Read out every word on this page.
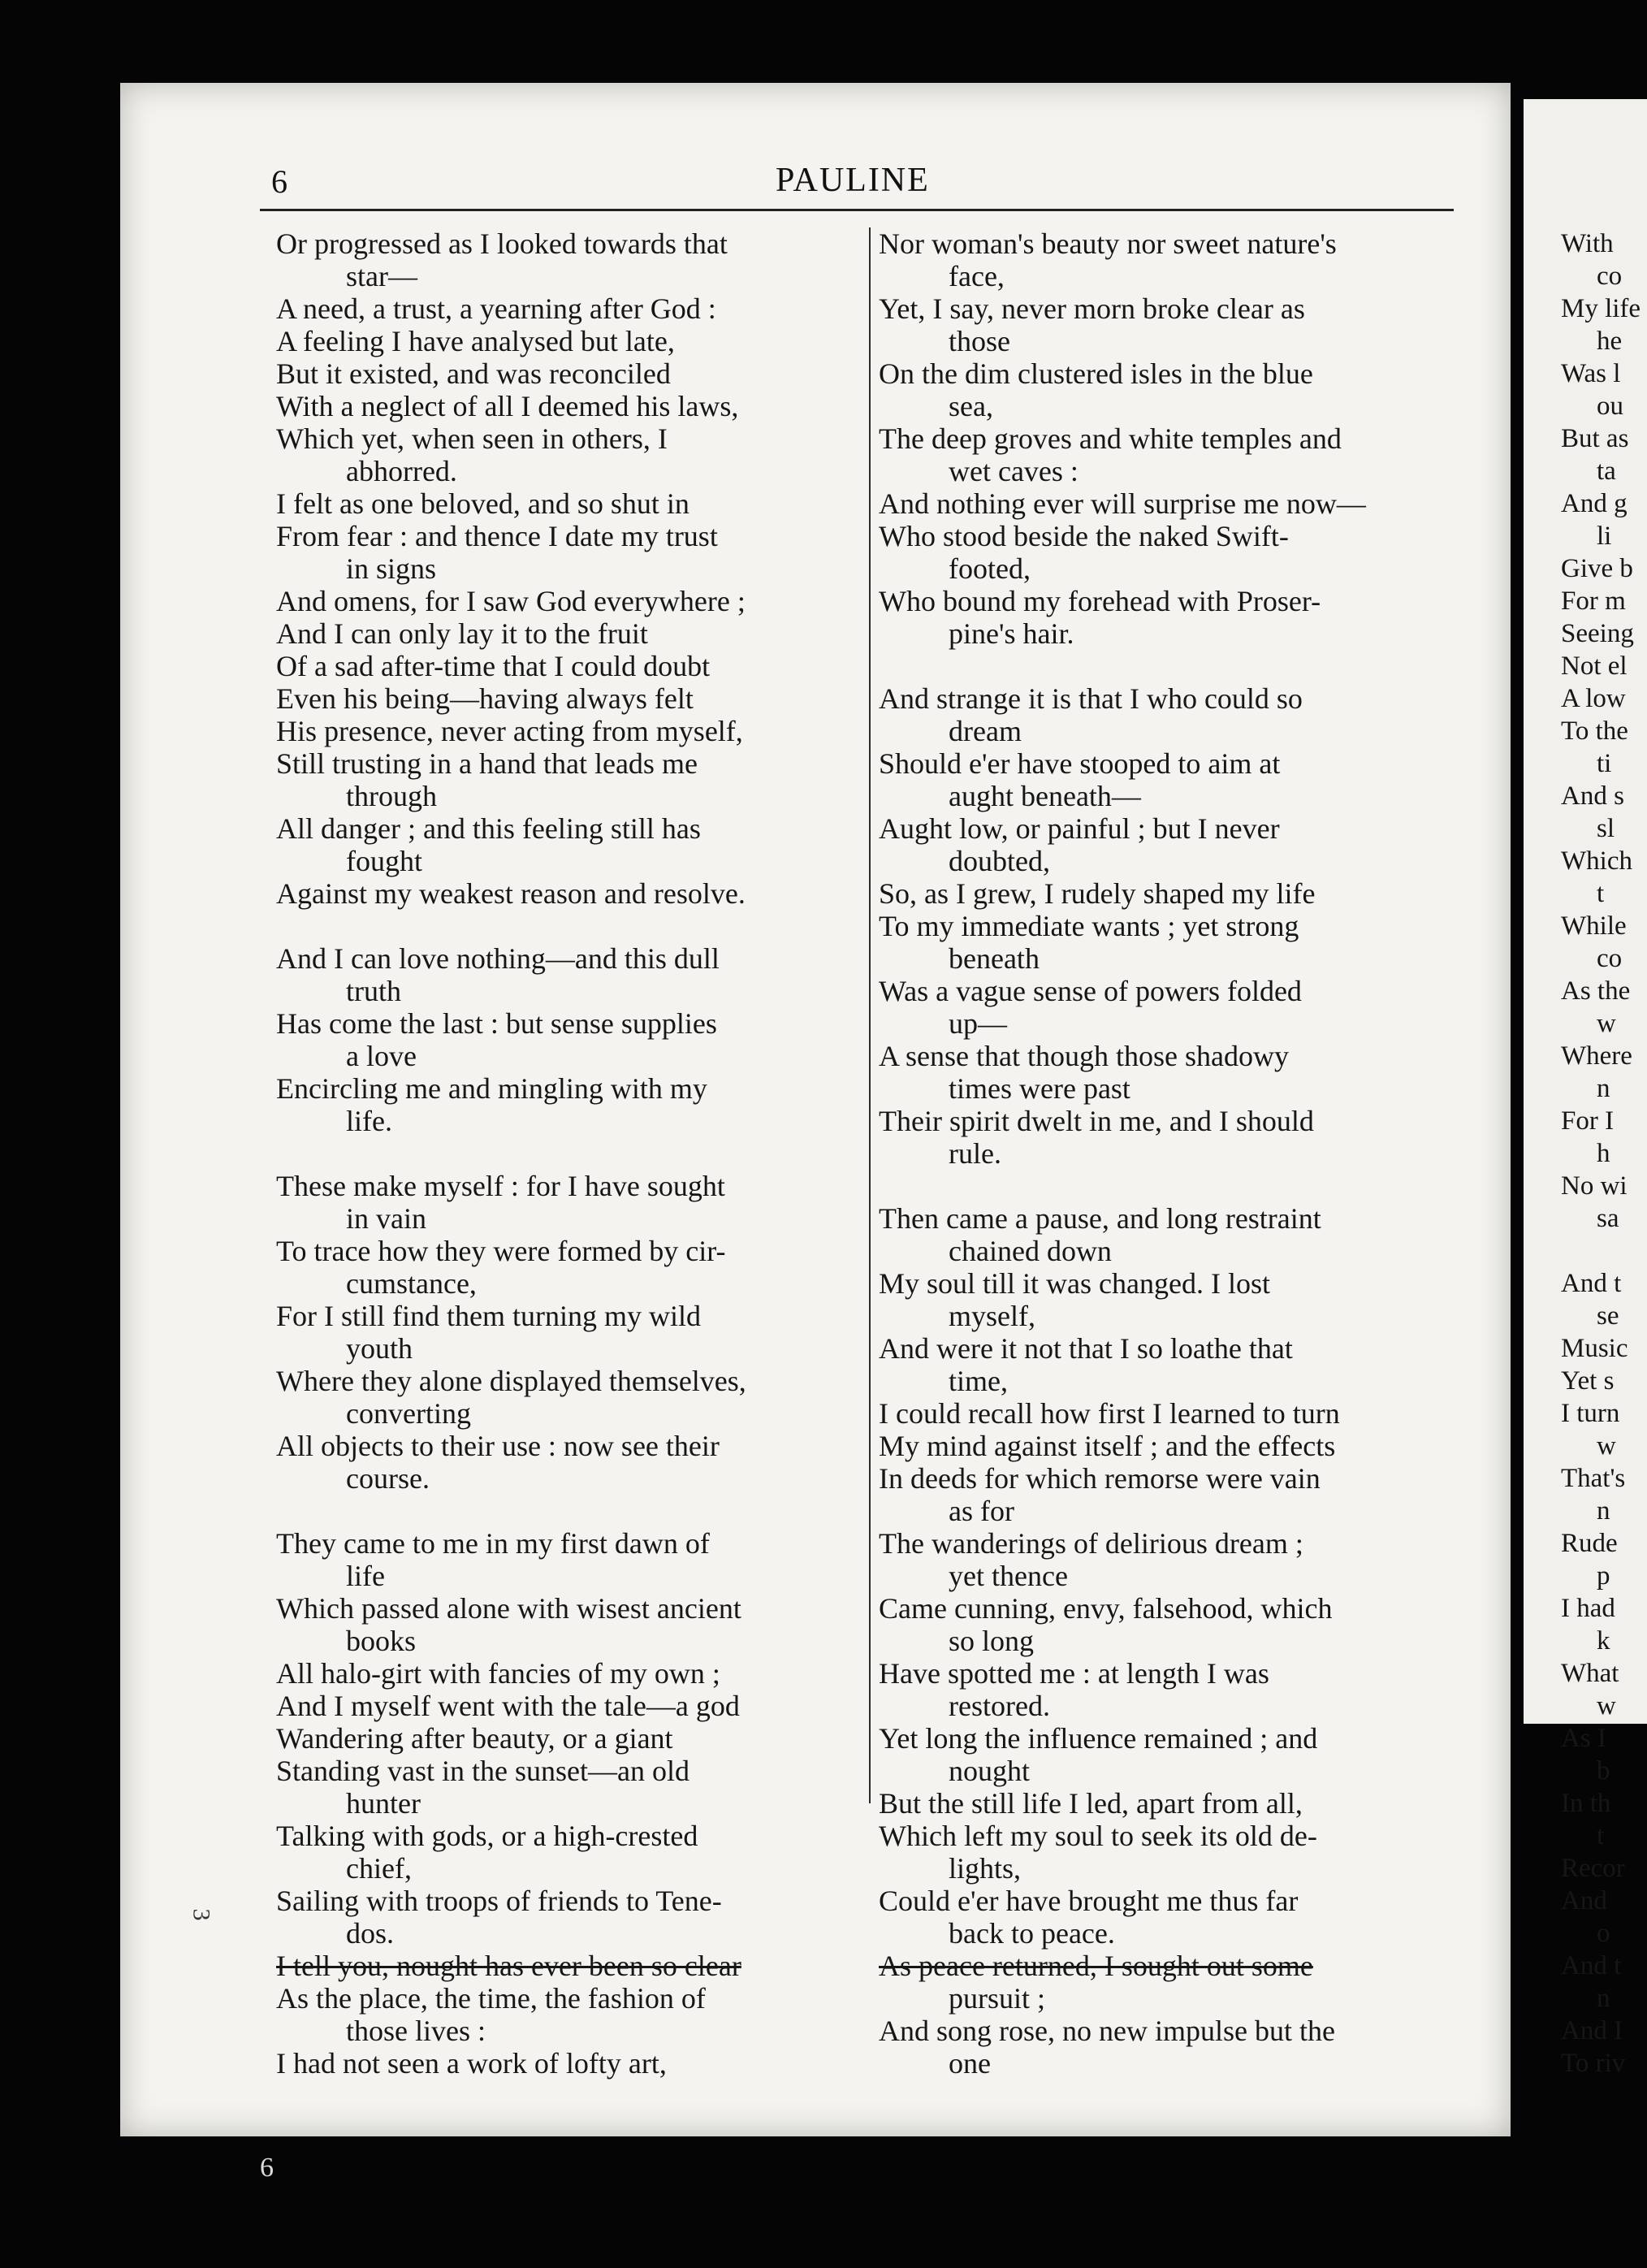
With
co
My life
he
Was l
ou
But as
ta
And g
li
Give b
For m
Seeing
Not el
A low
To the
ti
And s
sl
Which
t
While
co
As the
w
Where
n
For I
h
No wi
sa
And t
se
Music
Yet s
I turn
w
That's
n
Rude
p
I had
k
What
w
As I
b
In th
t
Recor
And
o
And t
n
And I
To riv
6	PAULINE
Or progressed as I looked towards that
star—
A need, a trust, a yearning after God :
A feeling I have analysed but late,
But it existed, and was reconciled
With a neglect of all I deemed his laws,
Which yet, when seen in others, I
abhorred.
I felt as one beloved, and so shut in
From fear : and thence I date my trust
in signs
And omens, for I saw God everywhere ;
And I can only lay it to the fruit
Of a sad after-time that I could doubt
Even his being—having always felt
His presence, never acting from myself,
Still trusting in a hand that leads me
through
All danger ; and this feeling still has
fought
Against my weakest reason and resolve.
And I can love nothing—and this dull
truth
Has come the last : but sense supplies
a love
Encircling me and mingling with my
life.
These make myself : for I have sought
in vain
To trace how they were formed by cir-
cumstance,
For I still find them turning my wild
youth
Where they alone displayed themselves,
converting
All objects to their use : now see their
course.
They came to me in my first dawn of
life
Which passed alone with wisest ancient
books
All halo-girt with fancies of my own ;
And I myself went with the tale—a god
Wandering after beauty, or a giant
Standing vast in the sunset—an old
hunter
Talking with gods, or a high-crested
chief,
Sailing with troops of friends to Tene-
dos.
I tell you, nought has ever been so clear
As the place, the time, the fashion of
those lives :
I had not seen a work of lofty art,
Nor woman's beauty nor sweet nature's
face,
Yet, I say, never morn broke clear as
those
On the dim clustered isles in the blue
sea,
The deep groves and white temples and
wet caves :
And nothing ever will surprise me now—
Who stood beside the naked Swift-
footed,
Who bound my forehead with Proser-
pine's hair.
And strange it is that I who could so
dream
Should e'er have stooped to aim at
aught beneath—
Aught low, or painful ; but I never
doubted,
So, as I grew, I rudely shaped my life
To my immediate wants ; yet strong
beneath
Was a vague sense of powers folded
up—
A sense that though those shadowy
times were past
Their spirit dwelt in me, and I should
rule.
Then came a pause, and long restraint
chained down
My soul till it was changed. I lost
myself,
And were it not that I so loathe that
time,
I could recall how first I learned to turn
My mind against itself ; and the effects
In deeds for which remorse were vain
as for
The wanderings of delirious dream ;
yet thence
Came cunning, envy, falsehood, which
so long
Have spotted me : at length I was
restored.
Yet long the influence remained ; and
nought
But the still life I led, apart from all,
Which left my soul to seek its old de-
lights,
Could e'er have brought me thus far
back to peace.
As peace returned, I sought out some
pursuit ;
And song rose, no new impulse but the
one
3
6
